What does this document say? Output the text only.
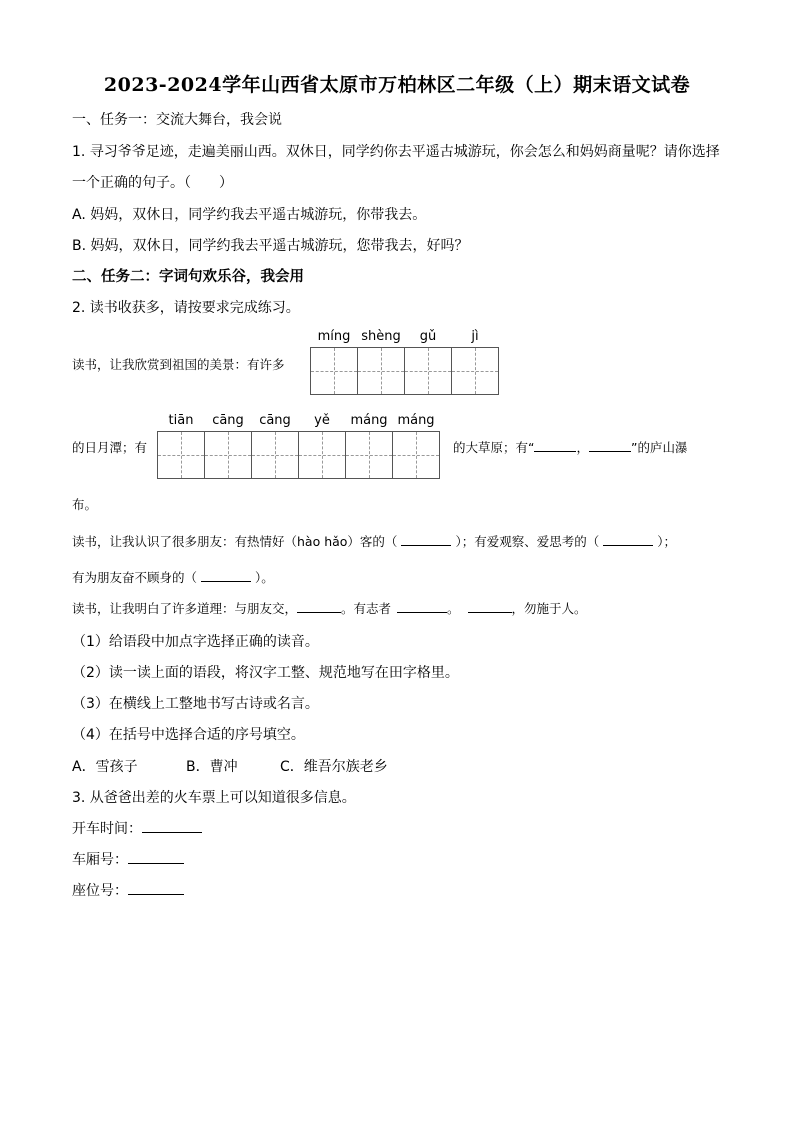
2023-2024学年山西省太原市万柏林区二年级（上）期末语文试卷
一、任务一：交流大舞台，我会说
1. 寻习爷爷足迹，走遍美丽山西。双休日，同学约你去平遥古城游玩，你会怎么和妈妈商量呢？请你选择
一个正确的句子。（　　）
A. 妈妈，双休日，同学约我去平遥古城游玩，你带我去。
B. 妈妈，双休日，同学约我去平遥古城游玩，您带我去，好吗？
二、任务二：字词句欢乐谷，我会用
2. 读书收获多，请按要求完成练习。
读书，让我欣赏到祖国的美景：有许多
míng shèng	gǔ	jì
的日月潭；有
tiān	cāng	cāng	yě	máng máng
的大草原；有“	，	”的庐山瀑
布。
读书，让我认识了很多朋友：有热情好（hào hǎo）客的（	）；有爱观察、爱思考的（	）；
有为朋友奋不顾身的（	）。
读书，让我明白了许多道理：与朋友交，	。有志者	。	，勿施于人。
（1）给语段中加点字选择正确的读音。
（2）读一读上面的语段，将汉字工整、规范地写在田字格里。
（3）在横线上工整地书写古诗或名言。
（4）在括号中选择合适的序号填空。
A．雪孩子	B．曹冲	C．维吾尔族老乡
3. 从爸爸出差的火车票上可以知道很多信息。
开车时间：
车厢号：
座位号：
